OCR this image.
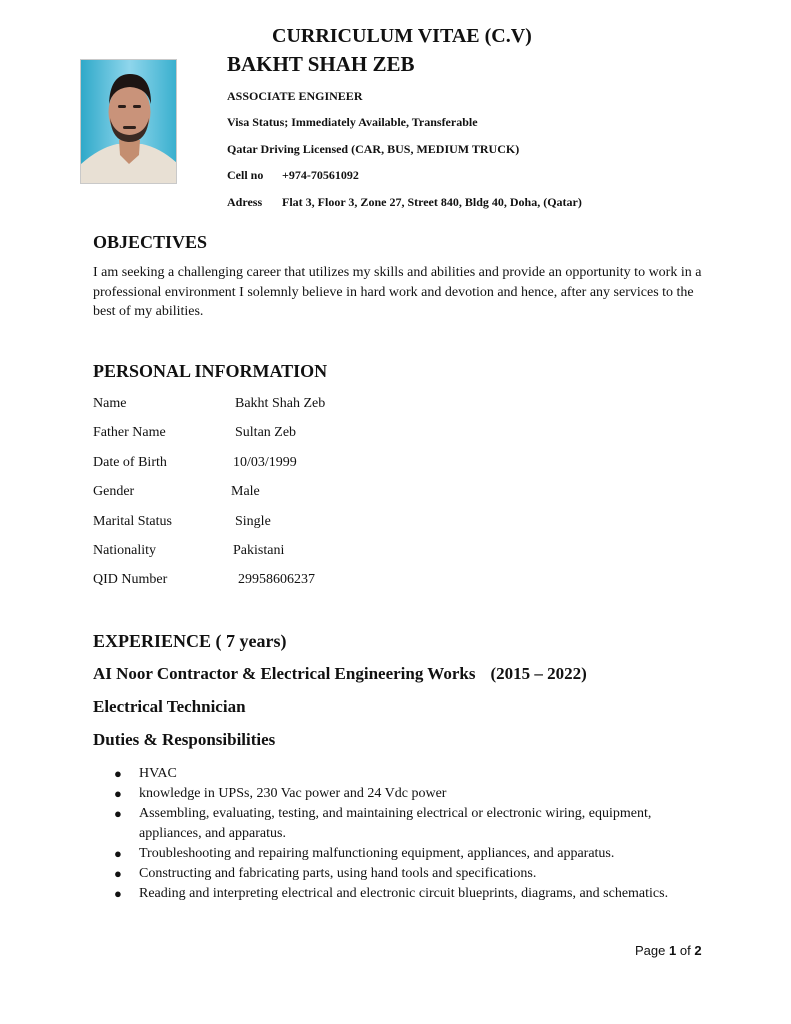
CURRICULUM VITAE (C.V)
BAKHT SHAH ZEB
ASSOCIATE ENGINEER
Visa Status; Immediately Available, Transferable
Qatar Driving Licensed (CAR, BUS, MEDIUM TRUCK)
Cell no +974-70561092
Adress Flat 3, Floor 3, Zone 27, Street 840, Bldg 40, Doha, (Qatar)
OBJECTIVES
I am seeking a challenging career that utilizes my skills and abilities and provide an opportunity to work in a professional environment I solemnly believe in hard work and devotion and hence, after any services to the best of my abilities.
PERSONAL INFORMATION
Name	Bakht Shah Zeb
Father Name	Sultan Zeb
Date of Birth	10/03/1999
Gender	Male
Marital Status	Single
Nationality	Pakistani
QID Number	29958606237
EXPERIENCE ( 7 years)
AI Noor Contractor & Electrical Engineering Works (2015 – 2022)
Electrical Technician
Duties & Responsibilities
● HVAC
● knowledge in UPSs, 230 Vac power and 24 Vdc power
● Assembling, evaluating, testing, and maintaining electrical or electronic wiring, equipment, appliances, and apparatus.
● Troubleshooting and repairing malfunctioning equipment, appliances, and apparatus.
● Constructing and fabricating parts, using hand tools and specifications.
● Reading and interpreting electrical and electronic circuit blueprints, diagrams, and schematics.
Page 1 of 2
